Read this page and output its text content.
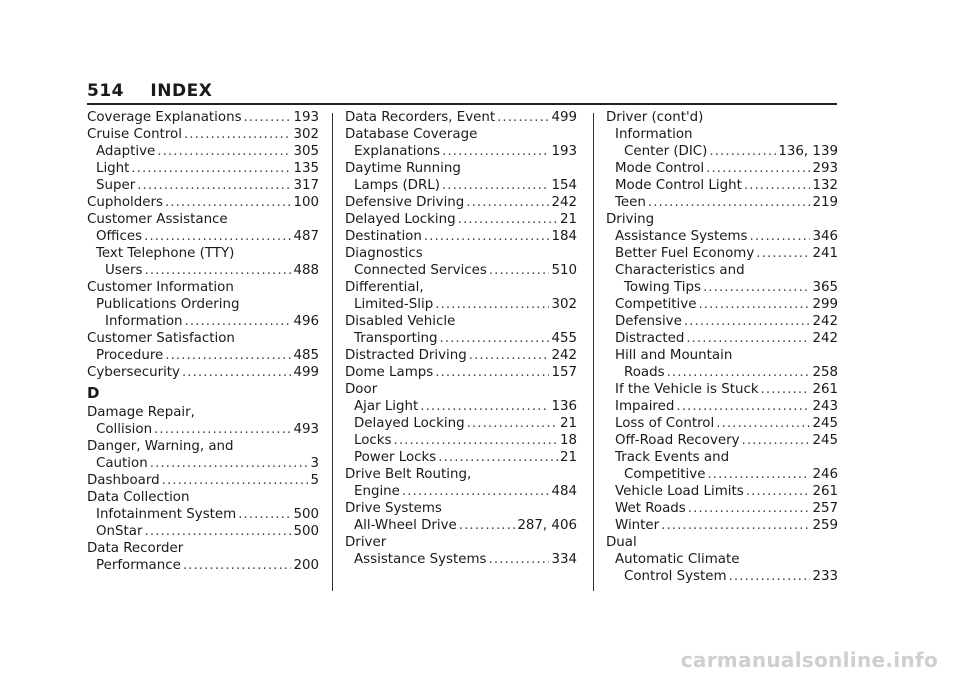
514 INDEX
Coverage Explanations . . .	193
Cruise Control . . .	302
Adaptive . . .	305
Light . . .	135
Super . . .	317
Cupholders . . .	100
Customer Assistance
Offices . . .	487
Text Telephone (TTY)
Users . . .	488
Customer Information
Publications Ordering
Information . . .	496
Customer Satisfaction
Procedure . . .	485
Cybersecurity . . .	499
D
Damage Repair,
Collision . . .	493
Danger, Warning, and
Caution . . .	3
Dashboard . . .	5
Data Collection
Infotainment System . . .	500
OnStar . . .	500
Data Recorder
Performance . . .	200
Data Recorders, Event . . .	499
Database Coverage
Explanations . . .	193
Daytime Running
Lamps (DRL) . . .	154
Defensive Driving . . .	242
Delayed Locking . . .	21
Destination . . .	184
Diagnostics
Connected Services . . .	510
Differential,
Limited-Slip . . .	302
Disabled Vehicle
Transporting . . .	455
Distracted Driving . . .	242
Dome Lamps . . .	157
Door
Ajar Light . . .	136
Delayed Locking . . .	21
Locks . . .	18
Power Locks . . .	21
Drive Belt Routing,
Engine . . .	484
Drive Systems
All-Wheel Drive . . .	287, 406
Driver
Assistance Systems . . .	334
Driver (cont'd)
Information
Center (DIC) . . .	136, 139
Mode Control . . .	293
Mode Control Light . . .	132
Teen . . .	219
Driving
Assistance Systems . . .	346
Better Fuel Economy . . .	241
Characteristics and
Towing Tips . . .	365
Competitive . . .	299
Defensive . . .	242
Distracted . . .	242
Hill and Mountain
Roads . . .	258
If the Vehicle is Stuck . . .	261
Impaired . . .	243
Loss of Control . . .	245
Off-Road Recovery . . .	245
Track Events and
Competitive . . .	246
Vehicle Load Limits . . .	261
Wet Roads . . .	257
Winter . . .	259
Dual
Automatic Climate
Control System . . .	233
carmanualsonline.info
